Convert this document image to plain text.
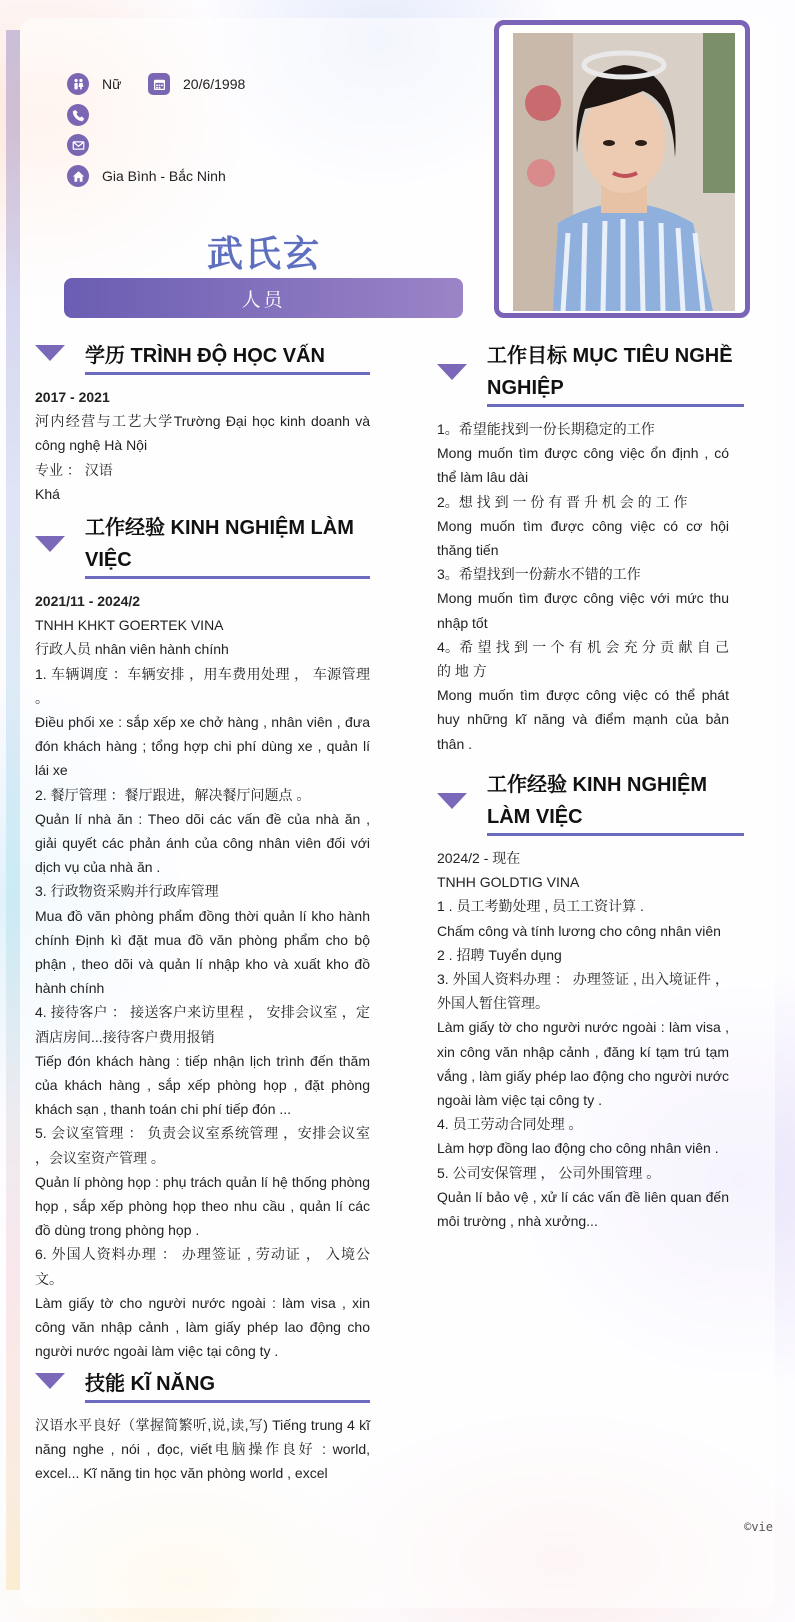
Nữ	20/6/1998
Gia Bình - Bắc Ninh
武氏玄
人员
学历 TRÌNH ĐỘ HỌC VẤN
2017 - 2021
河内经营与工艺大学Trường Đại học kinh doanh và công nghệ Hà Nội
专业 ： 汉语
Khá
工作经验 KINH NGHIỆM LÀM VIỆC
2021/11 - 2024/2
TNHH KHKT GOERTEK VINA
行政人员 nhân viên hành chính
1. 车辆调度 ：车辆安排 ，用车费用处理 ， 车源管理 。
Điều phối xe : sắp xếp xe chở hàng , nhân viên , đưa đón khách hàng ; tổng hợp chi phí dùng xe , quản lí lái xe
2. 餐厅管理 ：餐厅跟进，解决餐厅问题点 。
Quản lí nhà ăn : Theo dõi các vấn đề của nhà ăn , giải quyết các phản ánh của công nhân viên đối với dịch vụ của nhà ăn .
3. 行政物资采购并行政库管理
Mua đồ văn phòng phẩm đồng thời quản lí kho hành chính Định kì đặt mua đồ văn phòng phẩm cho bộ phận , theo dõi và quản lí nhập kho và xuất kho đồ hành chính
4. 接待客户 ： 接送客户来访里程 ， 安排会议室 ，定酒店房间...接待客户费用报销
Tiếp đón khách hàng : tiếp nhận lịch trình đến thăm của khách hàng , sắp xếp phòng họp , đặt phòng khách sạn , thanh toán chi phí tiếp đón ...
5. 会议室管理 ： 负责会议室系统管理 ，安排会议室 ，会议室资产管理 。
Quản lí phòng họp : phụ trách quản lí hệ thống phòng họp , sắp xếp phòng họp theo nhu cầu , quản lí các đồ dùng trong phòng họp .
6. 外国人资料办理 ： 办理签证 , 劳动证 ， 入境公文。
Làm giấy tờ cho người nước ngoài : làm visa , xin công văn nhập cảnh , làm giấy phép lao động cho người nước ngoài làm việc tại công ty .
技能 KĨ NĂNG
汉语水平良好（掌握简繁听,说,读,写) Tiếng trung 4 kĩ năng nghe , nói , đọc, viết电脑操作良好 : world, excel... Kĩ năng tin học văn phòng world , excel
工作目标 MỤC TIÊU NGHỀ NGHIỆP
1。希望能找到一份长期稳定的工作
Mong muốn tìm được công việc ổn định , có thể làm lâu dài
2。想 找 到 一 份 有 晋 升 机 会 的 工 作
Mong muốn tìm được công việc có cơ hội thăng tiến
3。希望找到一份薪水不错的工作
Mong muốn tìm được công việc với mức thu nhập tốt
4。希 望 找 到 一 个 有 机 会 充 分 贡 献 自 己 的 地 方
Mong muốn tìm được công việc có thể phát huy những kĩ năng và điểm mạnh của bản thân .
工作经验 KINH NGHIỆM LÀM VIỆC
2024/2 - 现在
TNHH GOLDTIG VINA
1 . 员工考勤处理 , 员工工资计算 .
Chấm công và tính lương cho công nhân viên
2 . 招聘 Tuyển dụng
3. 外国人资料办理 ： 办理签证 , 出入境证件 ， 外国人暂住管理。
Làm giấy tờ cho người nước ngoài : làm visa , xin công văn nhập cảnh , đăng kí tạm trú tạm vắng , làm giấy phép lao động cho người nước ngoài làm việc tại công ty .
4. 员工劳动合同处理 。
Làm hợp đồng lao động cho công nhân viên .
5. 公司安保管理 ， 公司外围管理 。
Quản lí bảo vệ , xử lí các vấn đề liên quan đến môi trường , nhà xưởng...
©vie
